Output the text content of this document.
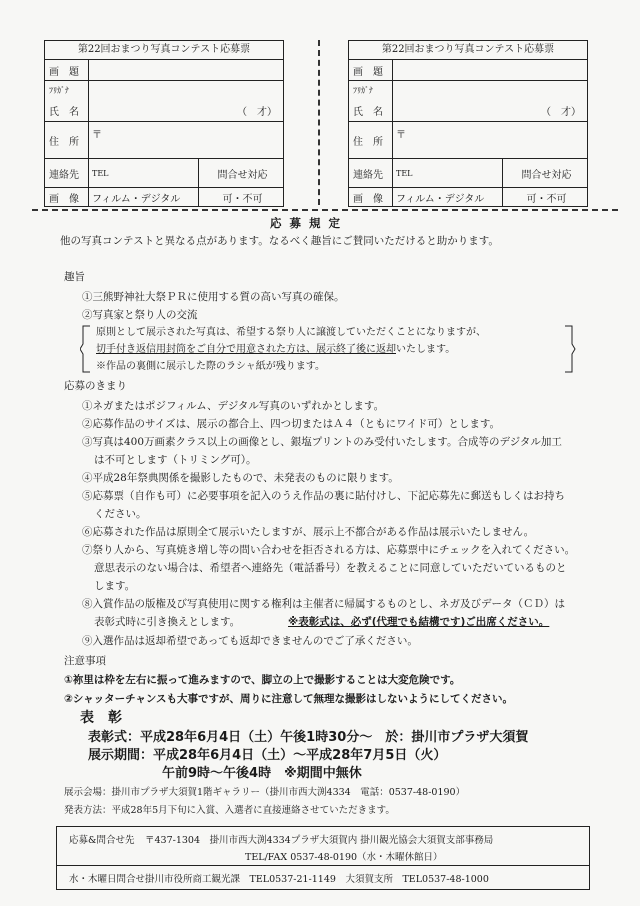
第22回おまつり写真コンテスト応募票
画　題
ﾌﾘｶﾞﾅ
氏　名	（　才）
住　所
〒
連絡先	TEL	問合せ対応
画　像	フィルム・デジタル	可・不可
第22回おまつり写真コンテスト応募票
画　題
ﾌﾘｶﾞﾅ
氏　名	（　才）
住　所
〒
連絡先	TEL	問合せ対応
画　像	フィルム・デジタル	可・不可
応 募 規 定
他の写真コンテストと異なる点があります。なるべく趣旨にご賛同いただけると助かります。
趣旨
①三熊野神社大祭ＰＲに使用する質の高い写真の確保。
②写真家と祭り人の交流
原則として展示された写真は、希望する祭り人に譲渡していただくことになりますが、
切手付き返信用封筒をご自分で用意された方は、展示終了後に返却いたします。
※作品の裏側に展示した際のラシャ紙が残ります。
応募のきまり
①ネガまたはポジフィルム、デジタル写真のいずれかとします。
②応募作品のサイズは、展示の都合上、四つ切またはＡ４（ともにワイド可）とします。
③写真は400万画素クラス以上の画像とし、銀塩プリントのみ受付いたします。合成等のデジタル加工
は不可とします（トリミング可）。
④平成28年祭典関係を撮影したもので、未発表のものに限ります。
⑤応募票（自作も可）に必要事項を記入のうえ作品の裏に貼付けし、下記応募先に郵送もしくはお持ち
ください。
⑥応募された作品は原則全て展示いたしますが、展示上不都合がある作品は展示いたしません。
⑦祭り人から、写真焼き増し等の問い合わせを拒否される方は、応募票中にチェックを入れてください。
意思表示のない場合は、希望者へ連絡先（電話番号）を教えることに同意していただいているものと
します。
⑧入賞作品の版権及び写真使用に関する権利は主催者に帰属するものとし、ネガ及びデータ（ＣＤ）は
表彰式時に引き換えとします。	※表彰式は、必ず(代理でも結構です)ご出席ください。
⑨入選作品は返却希望であっても返却できませんのでご了承ください。
注意事項
①祢里は枠を左右に振って進みますので、脚立の上で撮影することは大変危険です。
②シャッターチャンスも大事ですが、周りに注意して無理な撮影はしないようにしてください。
表　彰
表彰式：平成28年6月4日（土）午後1時30分～　於：掛川市プラザ大須賀
展示期間：平成28年6月4日（土）～平成28年7月5日（火）
午前9時～午後4時　※期間中無休
展示会場：掛川市プラザ大須賀1階ギャラリー（掛川市西大渕4334　電話：0537-48-0190）
発表方法：平成28年5月下旬に入賞、入選者に直接連絡させていただきます。
応募&問合せ先 〒437-1304　掛川市西大渕4334プラザ大須賀内 掛川観光協会大須賀支部事務局
TEL/FAX 0537-48-0190（水・木曜休館日）
水・木曜日問合せ 掛川市役所商工観光課　TEL0537-21-1149　大須賀支所　TEL0537-48-1000
